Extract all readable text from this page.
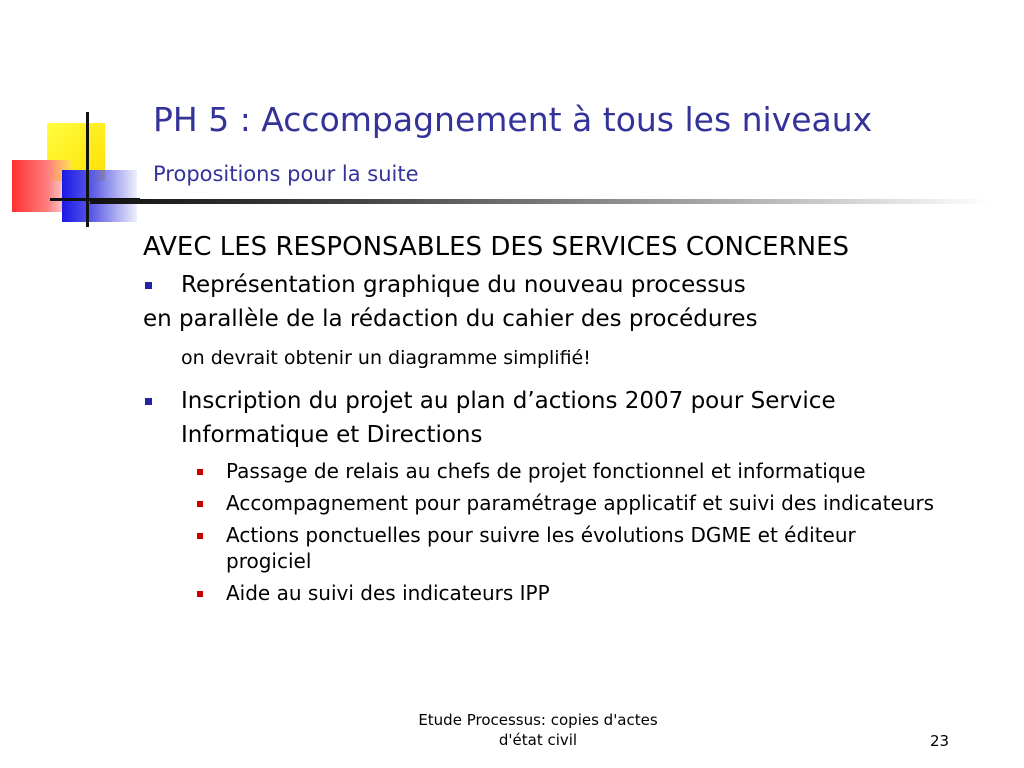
PH 5 : Accompagnement à tous les niveaux
Propositions pour la suite
AVEC LES RESPONSABLES DES SERVICES CONCERNES
Représentation graphique du nouveau processus
en parallèle de la rédaction du cahier des procédures
on devrait obtenir un diagramme simplifié!
Inscription du projet au plan d’actions 2007 pour Service Informatique et Directions
Passage de relais au chefs de projet fonctionnel et informatique
Accompagnement pour paramétrage applicatif et suivi des indicateurs
Actions ponctuelles pour suivre les évolutions DGME et éditeur progiciel
Aide au suivi des indicateurs IPP
Etude Processus: copies d'actes
d'état civil	23
